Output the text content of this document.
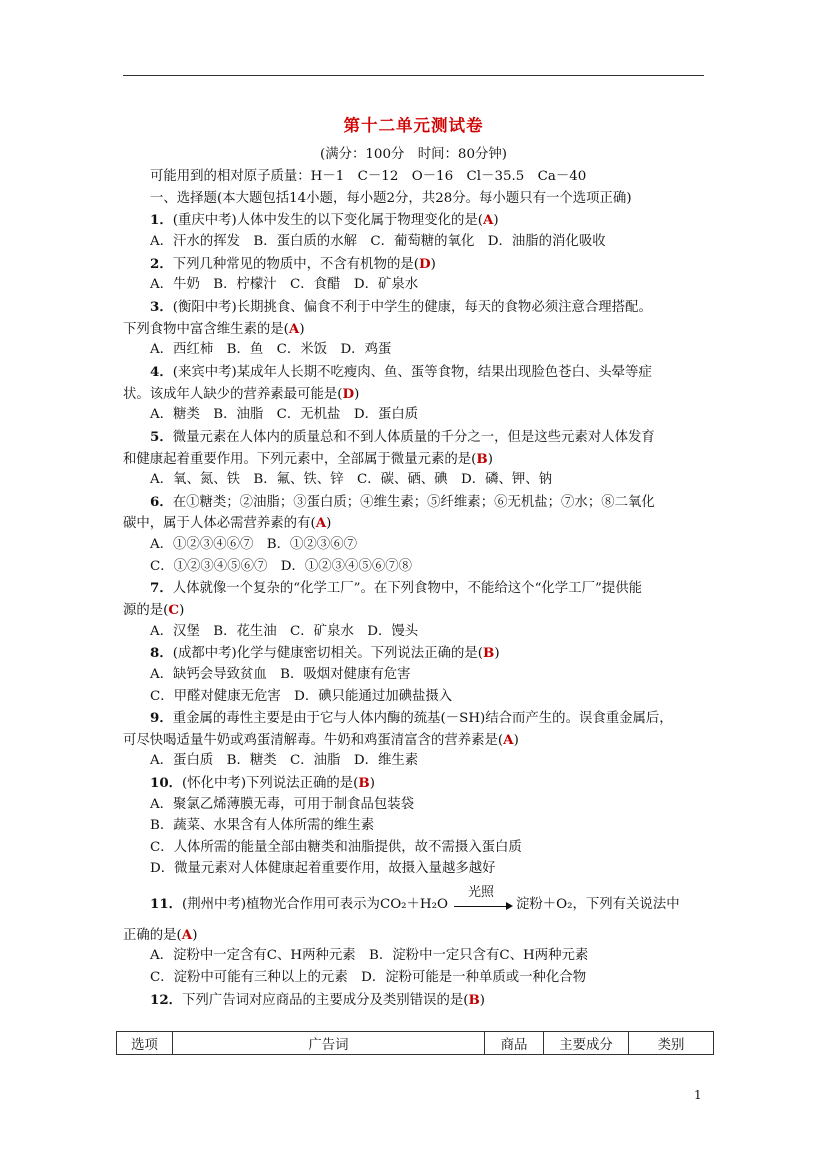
第十二单元测试卷
(满分：100分　时间：80分钟)
可能用到的相对原子质量：H－1　C－12　O－16　Cl－35.5　Ca－40
一、选择题(本大题包括14小题，每小题2分，共28分。每小题只有一个选项正确)
1．(重庆中考)人体中发生的以下变化属于物理变化的是(A)
A．汗水的挥发　B．蛋白质的水解　C．葡萄糖的氧化　D．油脂的消化吸收
2．下列几种常见的物质中，不含有机物的是(D)
A．牛奶　B．柠檬汁　C．食醋　D．矿泉水
3．(衡阳中考)长期挑食、偏食不利于中学生的健康，每天的食物必须注意合理搭配。
下列食物中富含维生素的是(A)
A．西红柿　B．鱼　C．米饭　D．鸡蛋
4．(来宾中考)某成年人长期不吃瘦肉、鱼、蛋等食物，结果出现脸色苍白、头晕等症
状。该成年人缺少的营养素最可能是(D)
A．糖类　B．油脂　C．无机盐　D．蛋白质
5．微量元素在人体内的质量总和不到人体质量的千分之一，但是这些元素对人体发育
和健康起着重要作用。下列元素中，全部属于微量元素的是(B)
A．氧、氮、铁　B．氟、铁、锌　C．碳、硒、碘　D．磷、钾、钠
6．在①糖类；②油脂；③蛋白质；④维生素；⑤纤维素；⑥无机盐；⑦水；⑧二氧化
碳中，属于人体必需营养素的有(A)
A．①②③④⑥⑦　B．①②③⑥⑦
C．①②③④⑤⑥⑦　D．①②③④⑤⑥⑦⑧
7．人体就像一个复杂的“化学工厂”。在下列食物中，不能给这个“化学工厂”提供能
源的是(C)
A．汉堡　B．花生油　C．矿泉水　D．馒头
8．(成都中考)化学与健康密切相关。下列说法正确的是(B)
A．缺钙会导致贫血　B．吸烟对健康有危害
C．甲醛对健康无危害　D．碘只能通过加碘盐摄入
9．重金属的毒性主要是由于它与人体内酶的巯基(－SH)结合而产生的。误食重金属后，
可尽快喝适量牛奶或鸡蛋清解毒。牛奶和鸡蛋清富含的营养素是(A)
A．蛋白质　B．糖类　C．油脂　D．维生素
10．(怀化中考)下列说法正确的是(B)
A．聚氯乙烯薄膜无毒，可用于制食品包装袋
B．蔬菜、水果含有人体所需的维生素
C．人体所需的能量全部由糖类和油脂提供，故不需摄入蛋白质
D．微量元素对人体健康起着重要作用，故摄入量越多越好
11．(荆州中考)植物光合作用可表示为CO₂＋H₂O
光照
淀粉＋O₂，下列有关说法中
正确的是(A)
A．淀粉中一定含有C、H两种元素　B．淀粉中一定只含有C、H两种元素
C．淀粉中可能有三种以上的元素　D．淀粉可能是一种单质或一种化合物
12．下列广告词对应商品的主要成分及类别错误的是(B)
选项	广告词	商品	主要成分	类别
1
